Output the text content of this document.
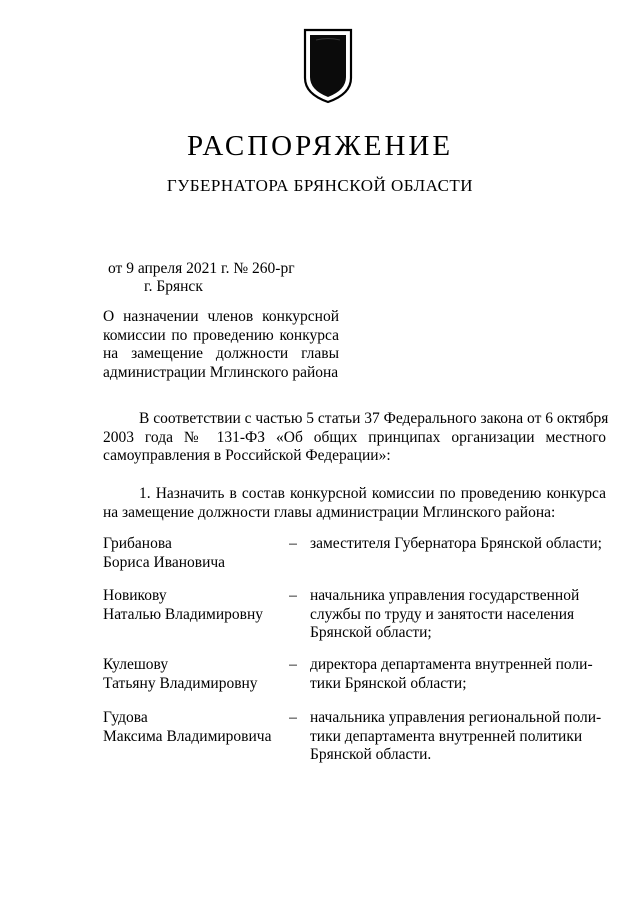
РАСПОРЯЖЕНИЕ
ГУБЕРНАТОРА БРЯНСКОЙ ОБЛАСТИ
от 9 апреля 2021 г. № 260-рг
г. Брянск
О назначении членов конкурсной
комиссии по проведению конкурса
на замещение должности главы
администрации Мглинского района
В соответствии с частью 5 статьи 37 Федерального закона от 6 октября
2003 года № 131-ФЗ «Об общих принципах организации местного
самоуправления в Российской Федерации»:
1. Назначить в состав конкурсной комиссии по проведению конкурса
на замещение должности главы администрации Мглинского района:
Грибанова
Бориса Ивановича
– заместителя Губернатора Брянской области;
Новикову
Наталью Владимировну
– начальника управления государственной
службы по труду и занятости населения
Брянской области;
Кулешову
Татьяну Владимировну
– директора департамента внутренней поли-
тики Брянской области;
Гудова
Максима Владимировича
– начальника управления региональной поли-
тики департамента внутренней политики
Брянской области.
